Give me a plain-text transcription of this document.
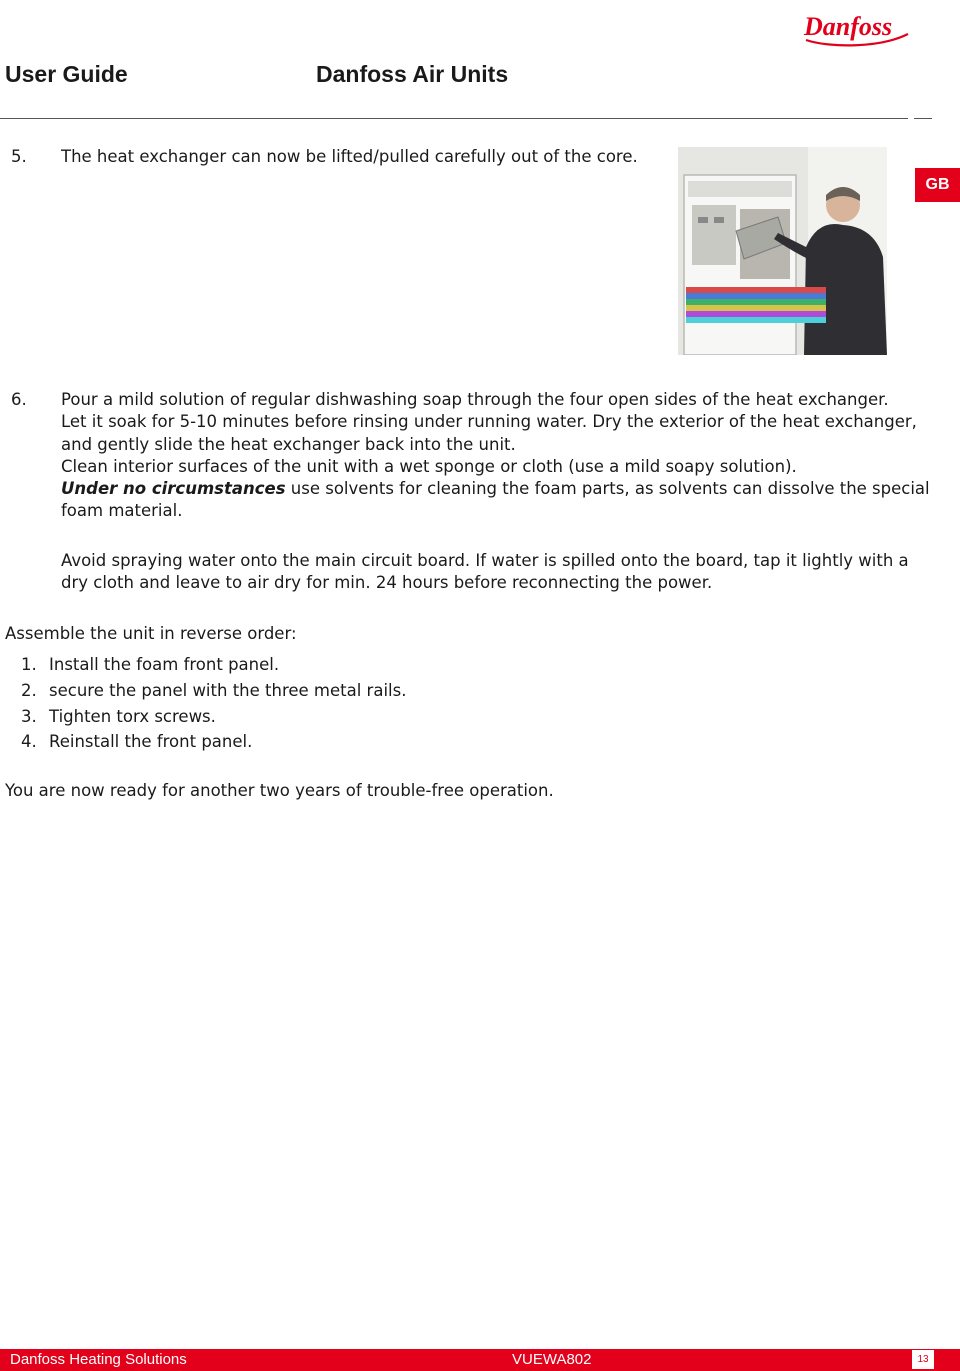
User Guide	Danfoss Air Units
Danfoss
GB
5. The heat exchanger can now be lifted/pulled carefully out of the core.
6. Pour a mild solution of regular dishwashing soap through the four open sides of the heat exchanger.
Let it soak for 5-10 minutes before rinsing under running water. Dry the exterior of the heat exchanger,
and gently slide the heat exchanger back into the unit.
Clean interior surfaces of the unit with a wet sponge or cloth (use a mild soapy solution).
Under no circumstances use solvents for cleaning the foam parts, as solvents can dissolve the special
foam material.
Avoid spraying water onto the main circuit board. If water is spilled onto the board, tap it lightly with a
dry cloth and leave to air dry for min. 24 hours before reconnecting the power.
Assemble the unit in reverse order:
1. Install the foam front panel.
2. secure the panel with the three metal rails.
3. Tighten torx screws.
4. Reinstall the front panel.
You are now ready for another two years of trouble-free operation.
Danfoss Heating Solutions	VUEWA802	13
